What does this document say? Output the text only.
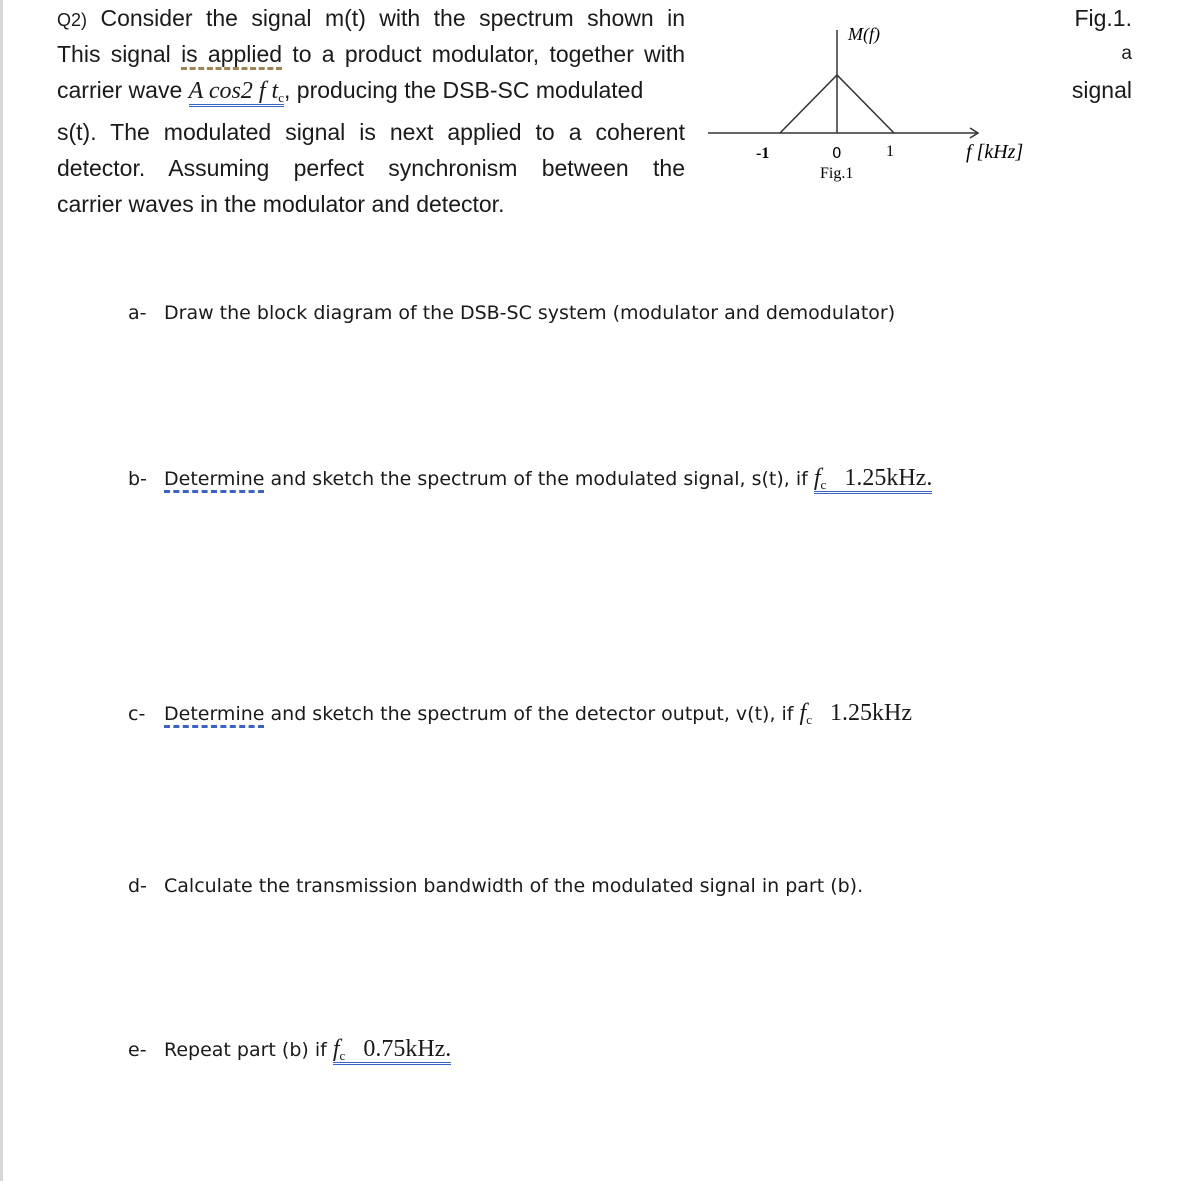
Q2) Consider the signal m(t) with the spectrum shown in
This signal is applied to a product modulator, together with
carrier wave A cos2 f $t_c$, producing the DSB-SC modulated
s(t). The modulated signal is next applied to a coherent
detector. Assuming perfect synchronism between the
carrier waves in the modulator and detector.
Fig.1.
a
signal
M(f)
-1	0	1
Fig.1
f [kHz]
a- Draw the block diagram of the DSB-SC system (modulator and demodulator)
b- Determine and sketch the spectrum of the modulated signal, s(t), if $f_c$ 1.25kHz.
c- Determine and sketch the spectrum of the detector output, v(t), if $f_c$ 1.25kHz
d- Calculate the transmission bandwidth of the modulated signal in part (b).
e- Repeat part (b) if $f_c$ 0.75kHz.
